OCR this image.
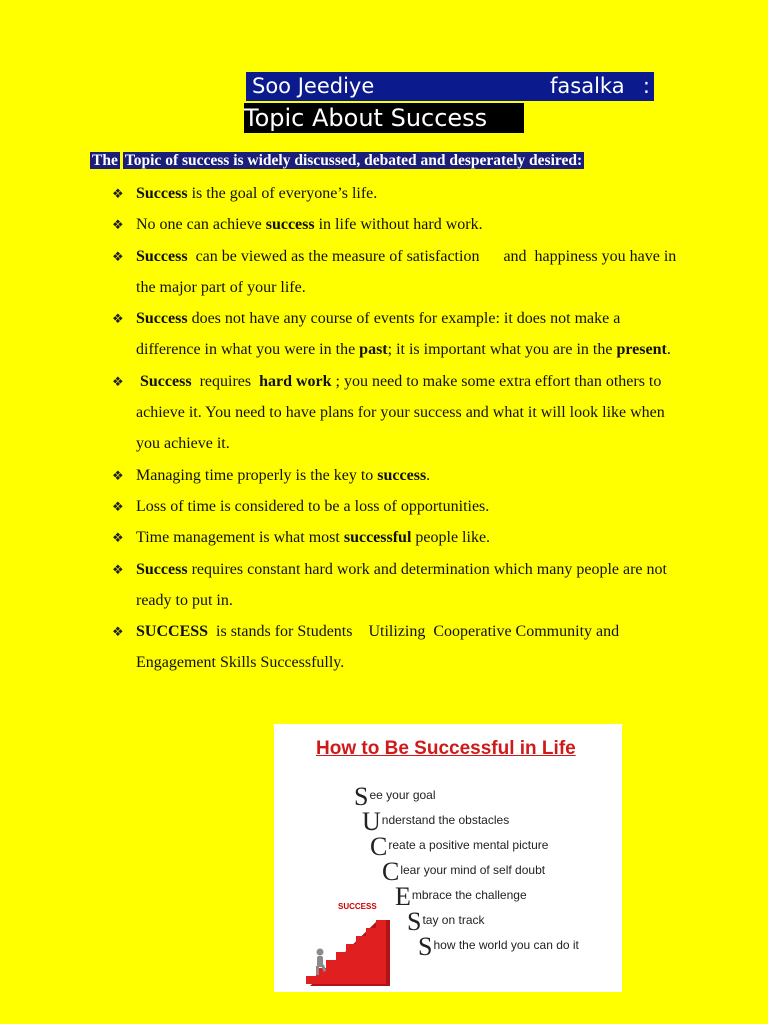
Soo Jeediye	fasalka :
Topic About Success
The Topic of success is widely discussed, debated and desperately desired:
❖ Success is the goal of everyone’s life.
❖ No one can achieve success in life without hard work.
❖ Success  can be viewed as the measure of satisfaction      and  happiness you have in the major part of your life.
❖ Success does not have any course of events for example: it does not make a difference in what you were in the past; it is important what you are in the present.
❖ Success  requires  hard work ; you need to make some extra effort than others to achieve it. You need to have plans for your success and what it will look like when you achieve it.
❖ Managing time properly is the key to success.
❖ Loss of time is considered to be a loss of opportunities.
❖ Time management is what most successful people like.
❖ Success requires constant hard work and determination which many people are not ready to put in.
❖ SUCCESS  is stands for Students    Utilizing  Cooperative Community and Engagement Skills Successfully.
How to Be Successful in Life
See your goal
Understand the obstacles
Create a positive mental picture
Clear your mind of self doubt
Embrace the challenge
Stay on track
Show the world you can do it
SUCCESS
